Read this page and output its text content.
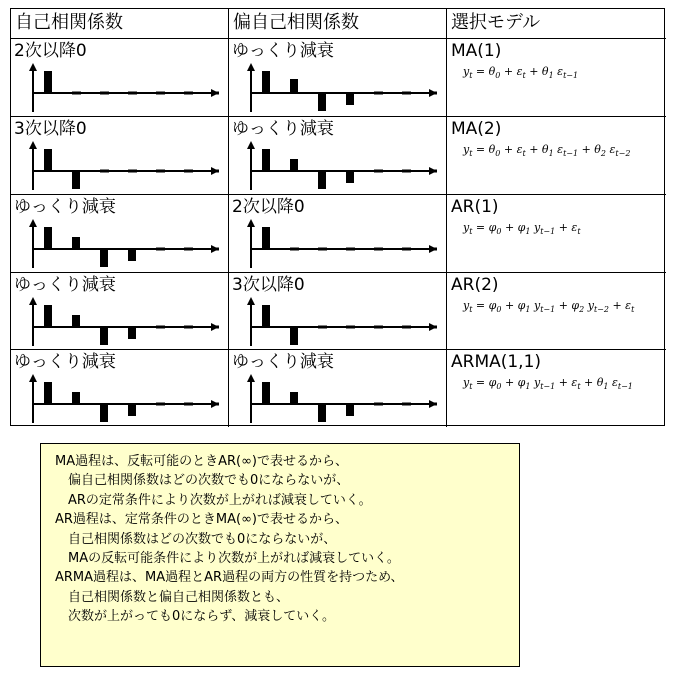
自己相関係数	偏自己相関係数	選択モデル
2次以降0	ゆっくり減衰	MA(1)
$y_t = \theta_0 + \varepsilon_t + \theta_1$ $\varepsilon_{t-1}$
3次以降0	ゆっくり減衰	MA(2)
$y_t = \theta_0 + \varepsilon_t + \theta_1$ $\varepsilon_{t-1} + \theta_2$ $\varepsilon_{t-2}$
ゆっくり減衰	2次以降0	AR(1)
$y_t = \varphi_0 + \varphi_1$ $y_{t-1} + \varepsilon_t$
ゆっくり減衰	3次以降0	AR(2)
$y_t = \varphi_0 + \varphi_1$ $y_{t-1} + \varphi_2$ $y_{t-2} + \varepsilon_t$
ゆっくり減衰	ゆっくり減衰	ARMA(1,1)
$y_t = \varphi_0 + \varphi_1$ $y_{t-1} + \varepsilon_t + \theta_1$ $\varepsilon_{t-1}$
MA過程は、反転可能のときAR(∞)で表せるから、
　偏自己相関係数はどの次数でも0にならないが、
　ARの定常条件により次数が上がれば減衰していく。
AR過程は、定常条件のときMA(∞)で表せるから、
　自己相関係数はどの次数でも0にならないが、
　MAの反転可能条件により次数が上がれば減衰していく。
ARMA過程は、MA過程とAR過程の両方の性質を持つため、
　自己相関係数と偏自己相関係数とも、
　次数が上がっても0にならず、減衰していく。
